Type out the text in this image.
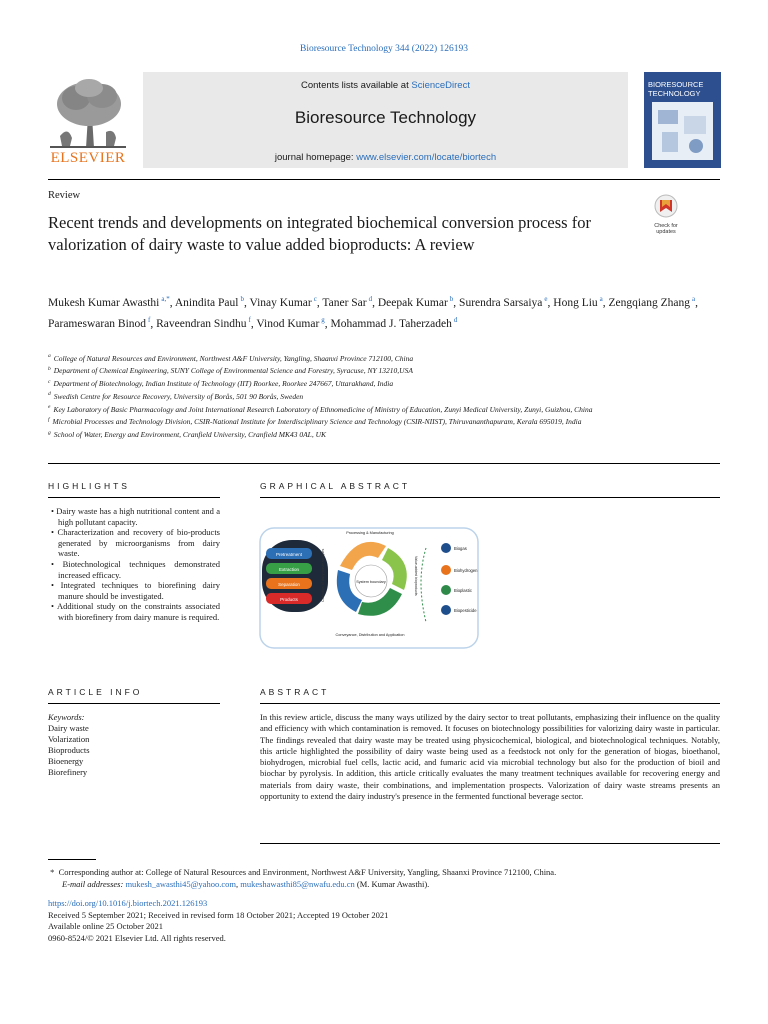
Bioresource Technology 344 (2022) 126193
Contents lists available at ScienceDirect
Bioresource Technology
journal homepage: www.elsevier.com/locate/biortech
ELSEVIER
BIORESOURCE TECHNOLOGY
Review
Recent trends and developments on integrated biochemical conversion process for valorization of dairy waste to value added bioproducts: A review
Check for updates
Mukesh Kumar Awasthi $^{a,*}$, Anindita Paul $^b$, Vinay Kumar $^c$, Taner Sar $^d$, Deepak Kumar $^b$, Surendra Sarsaiya $^e$, Hong Liu $^a$, Zengqiang Zhang $^a$, Parameswaran Binod $^f$, Raveendran Sindhu $^f$, Vinod Kumar $^g$, Mohammad J. Taherzadeh $^d$

$^a$ College of Natural Resources and Environment, Northwest A&F University, Yangling, Shaanxi Province 712100, China

$^b$ Department of Chemical Engineering, SUNY College of Environmental Science and Forestry, Syracuse, NY 13210,USA

$^c$ Department of Biotechnology, Indian Institute of Technology (IIT) Roorkee, Roorkee 247667, Uttarakhand, India

$^d$ Swedish Centre for Resource Recovery, University of Borås, 501 90 Borås, Sweden

$^e$ Key Laboratory of Basic Pharmacology and Joint International Research Laboratory of Ethnomedicine of Ministry of Education, Zunyi Medical University, Zunyi, Guizhou, China

$^f$ Microbial Processes and Technology Division, CSIR-National Institute for Interdisciplinary Science and Technology (CSIR-NIIST), Thiruvananthapuram, Kerala 695019, India

$^g$ School of Water, Energy and Environment, Cranfield University, Cranfield MK43 0AL, UK

HIGHLIGHTS
• Dairy waste has a high nutritional content and a high pollutant capacity.
• Characterization and recovery of bio-products generated by microorganisms from dairy waste.
• Biotechnological techniques demonstrated increased efficacy.
• Integrated techniques to biorefining dairy manure should be investigated.
• Additional study on the constraints associated with biorefinery from dairy manure is required.
GRAPHICAL ABSTRACT
Pretreatment
Extraction
Separation
Products	Collection of dairy waste samples	System boundary
Processing & Manufacturing
Conveyance, Distribution and Application
Value-added bioproducts
Biogas
Biohydrogen
Bioplastic
Biopesticide
ARTICLE INFO
Keywords:
Dairy waste
Volarization
Bioproducts
Bioenergy
Biorefinery
ABSTRACT
In this review article, discuss the many ways utilized by the dairy sector to treat pollutants, emphasizing their influence on the quality and efficiency with which contamination is removed. It focuses on biotechnology possibilities for valorizing dairy waste in particular. The findings revealed that dairy waste may be treated using physicochemical, biological, and biotechnological techniques. Notably, this article highlighted the possibility of dairy waste being used as a feedstock not only for the generation of biogas, bioethanol, biohydrogen, microbial fuel cells, lactic acid, and fumaric acid via microbial technology but also for the production of bioil and biochar by pyrolysis. In addition, this article critically evaluates the many treatment techniques available for recovering energy and materials from dairy waste, their combinations, and implementation prospects. Valorization of dairy waste streams presents an opportunity to extend the dairy industry's presence in the fermented functional beverage sector.
* Corresponding author at: College of Natural Resources and Environment, Northwest A&F University, Yangling, Shaanxi Province 712100, China.
E-mail addresses: mukesh_awasthi45@yahoo.com, mukeshawasthi85@nwafu.edu.cn (M. Kumar Awasthi).
https://doi.org/10.1016/j.biortech.2021.126193
Received 5 September 2021; Received in revised form 18 October 2021; Accepted 19 October 2021
Available online 25 October 2021
0960-8524/© 2021 Elsevier Ltd. All rights reserved.
